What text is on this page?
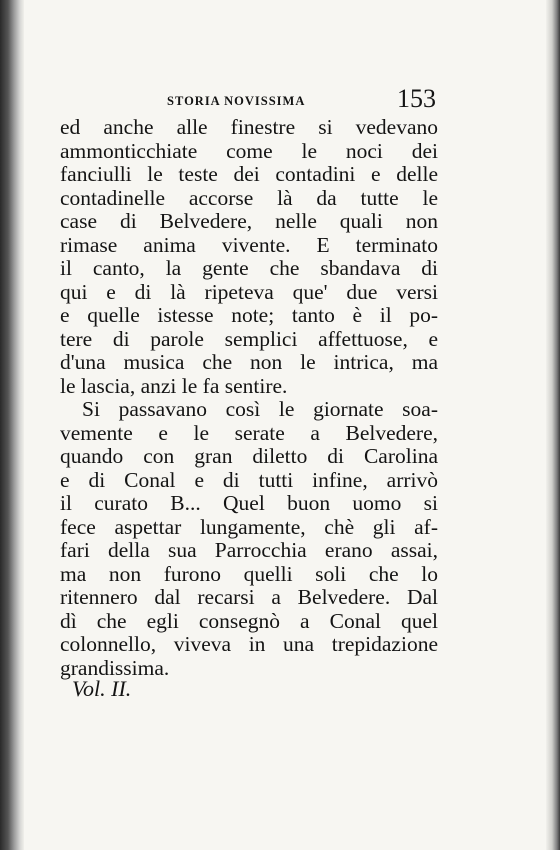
STORIA NOVISSIMA	153
ed anche alle finestre si vedevano
ammonticchiate come le noci dei
fanciulli le teste dei contadini e delle
contadinelle accorse là da tutte le
case di Belvedere, nelle quali non
rimase anima vivente. E terminato
il canto, la gente che sbandava di
qui e di là ripeteva que' due versi
e quelle istesse note; tanto è il po-
tere di parole semplici affettuose, e
d'una musica che non le intrica, ma
le lascia, anzi le fa sentire.
Si passavano così le giornate soa-
vemente e le serate a Belvedere,
quando con gran diletto di Carolina
e di Conal e di tutti infine, arrivò
il curato B... Quel buon uomo si
fece aspettar lungamente, chè gli af-
fari della sua Parrocchia erano assai,
ma non furono quelli soli che lo
ritennero dal recarsi a Belvedere. Dal
dì che egli consegnò a Conal quel
colonnello, viveva in una trepidazione
grandissima.
Vol. II.
